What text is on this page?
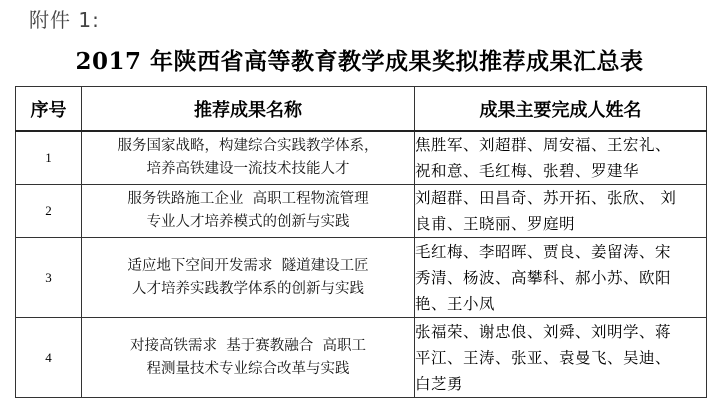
附件 1:
2017 年陕西省高等教育教学成果奖拟推荐成果汇总表
序号	推荐成果名称	成果主要完成人姓名
1	服务国家战略，构建综合实践教学体系，
培养高铁建设一流技术技能人才	焦胜军、刘超群、周安福、王宏礼、
祝和意、毛红梅、张碧、罗建华

2	服务铁路施工企业  高职工程物流管理
专业人才培养模式的创新与实践	刘超群、田昌奇、苏开拓、张欣、 刘
良甫、王晓丽、罗庭明

3	适应地下空间开发需求  隧道建设工匠
人才培养实践教学体系的创新与实践	毛红梅、李昭晖、贾良、姜留涛、宋
秀清、杨波、高攀科、郝小苏、欧阳
艳、王小凤

4	对接高铁需求  基于赛教融合  高职工
程测量技术专业综合改革与实践	张福荣、谢忠俍、刘舜、刘明学、蒋
平江、王涛、张亚、袁曼飞、吴迪、
白芝勇
